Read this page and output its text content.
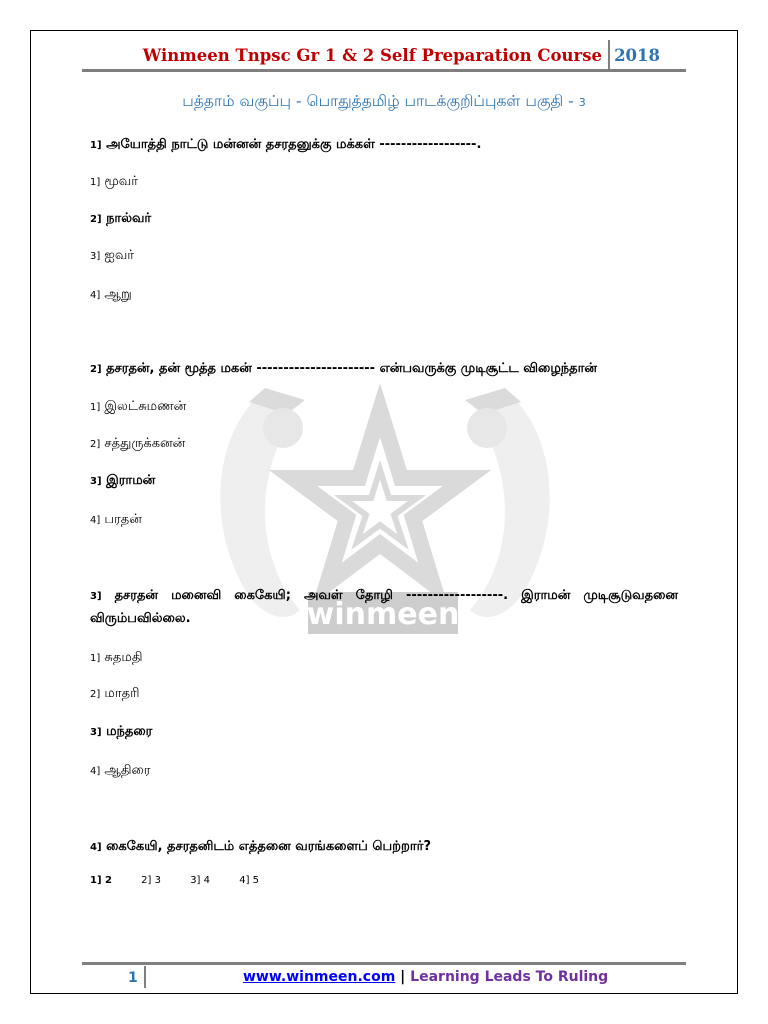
Winmeen Tnpsc Gr 1 & 2 Self Preparation Course 2018
பத்தாம் வகுப்பு - பொதுத்தமிழ் பாடக்குறிப்புகள் பகுதி - 3
winmeen
1] அயோத்தி நாட்டு மன்னன் தசரதனுக்கு மக்கள் ------------------.
1] மூவர்
2] நால்வர்
3] ஐவர்
4] ஆறு
2] தசரதன், தன் மூத்த மகன் ---------------------- என்பவருக்கு முடிசூட்ட விழைந்தான்
1] இலட்சுமணன்
2] சத்துருக்கனன்
3] இராமன்
4] பரதன்
3] தசரதன் மனைவி கைகேயி; அவள் தோழி ------------------. இராமன் முடிசூடுவதனை விரும்பவில்லை.
1] சுதமதி
2] மாதரி
3] மந்தரை
4] ஆதிரை
4] கைகேயி, தசரதனிடம் எத்தனை வரங்களைப் பெற்றார்?
1] 2	2] 3	3] 4	4] 5
1	www.winmeen.com | Learning Leads To Ruling
